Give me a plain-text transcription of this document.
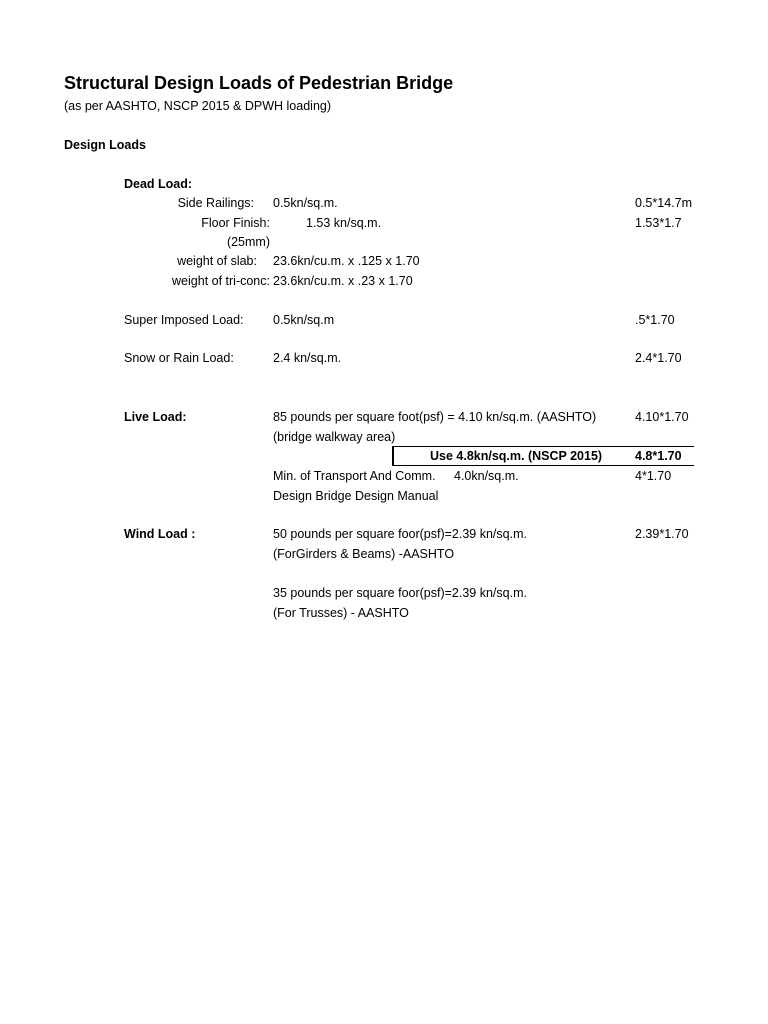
Structural Design Loads of Pedestrian Bridge
(as per AASHTO, NSCP 2015 & DPWH loading)
Design Loads
Dead Load:
Side Railings: 0.5kn/sq.m.	0.5*14.7m
Floor Finish:	1.53 kn/sq.m.	1.53*1.7
(25mm)
weight of slab: 23.6kn/cu.m. x .125 x 1.70
weight of tri-conc: 23.6kn/cu.m. x .23 x 1.70
Super Imposed Load: 0.5kn/sq.m	.5*1.70
Snow or Rain Load:	2.4 kn/sq.m.	2.4*1.70
Live Load:	85 pounds per square foot(psf) = 4.10 kn/sq.m. (AASHTO)	4.10*1.70
(bridge walkway area)
Use 4.8kn/sq.m. (NSCP 2015)	4.8*1.70
Min. of Transport And Comm. 4.0kn/sq.m.	4*1.70
Design Bridge Design Manual
Wind Load :	50 pounds per square foor(psf)=2.39 kn/sq.m.	2.39*1.70
(ForGirders & Beams) -AASHTO
35 pounds per square foor(psf)=2.39 kn/sq.m.
(For Trusses) - AASHTO
